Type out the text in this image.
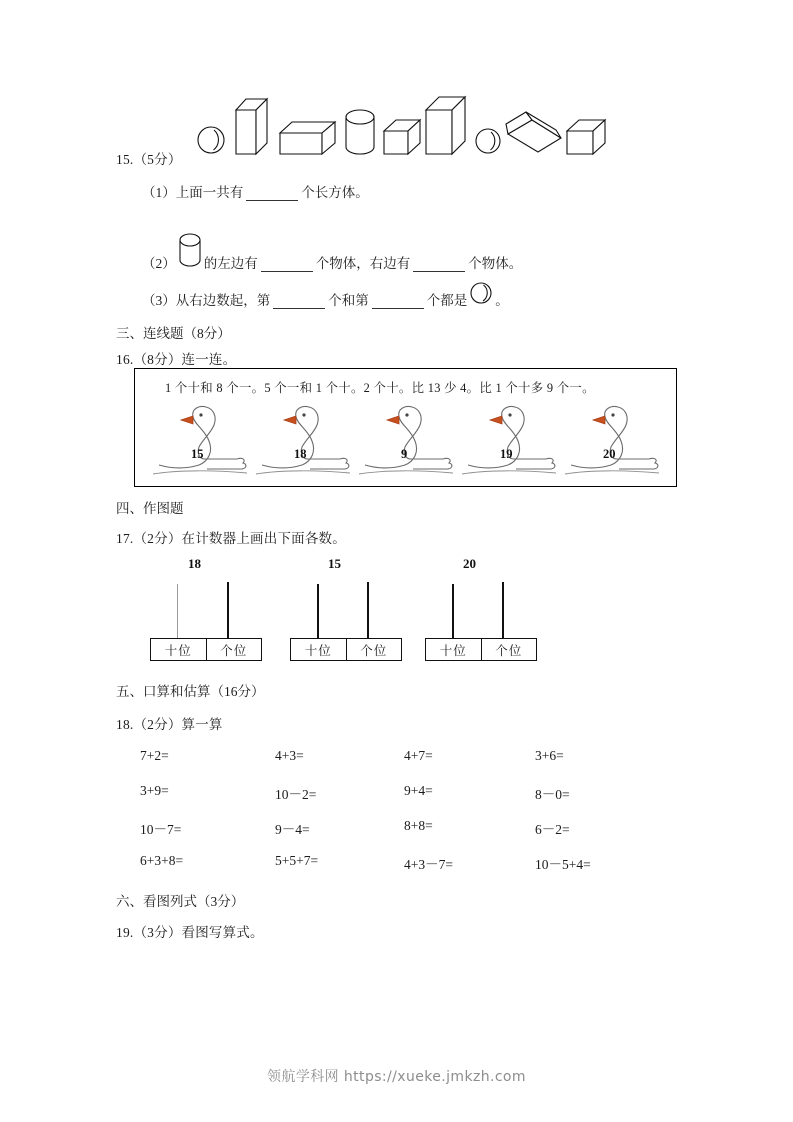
15.（5分）
（1）上面一共有	个长方体。
（2） 的左边有	个物体，右边有	个物体。
（3）从右边数起，第	个和第	个都是 。
三、连线题（8分）
16.（8分）连一连。
1 个十和 8 个一。5 个一和 1 个十。2 个十。比 13 少 4。比 1 个十多 9 个一。
15	18	9	19	20
四、作图题
17.（2分）在计数器上画出下面各数。
18
十位	个位
15
十位	个位
20
十位	个位
五、口算和估算（16分）
18.（2分）算一算
7+2=	4+3=	4+7=	3+6=
3+9=	10－2=	9+4=	8－0=
10－7=	9－4=	8+8=	6－2=
6+3+8=	5+5+7=	4+3－7=	10－5+4=
六、看图列式（3分）
19.（3分）看图写算式。
领航学科网 https://xueke.jmkzh.com
